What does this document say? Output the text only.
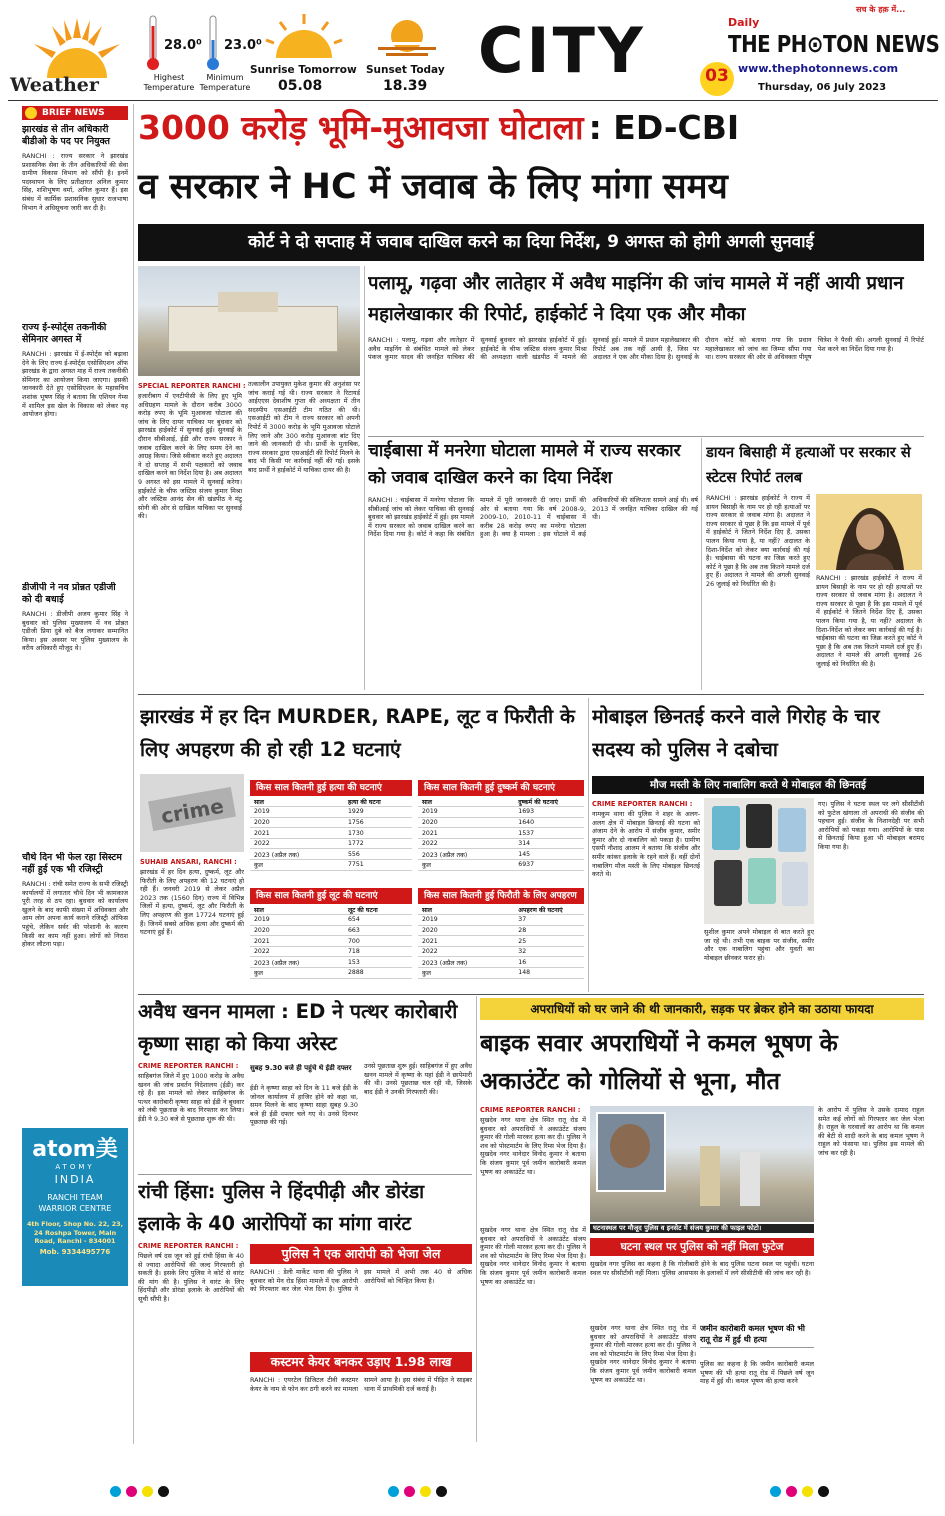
Weather
28.0⁰
Highest Temperature
23.0⁰
Minimum Temperature
Sunrise Tomorrow
05.08
Sunset Today
18.39 CITY	Daily
सच के हक़ में...
THE PH⊙TON NEWS
03 www.thephotonnews.com
Thursday, 06 July 2023
BRIEF NEWS
झारखंड से तीन अधिकारी बीडीओ के पद पर नियुक्त
RANCHI : राज्य सरकार ने झारखंड प्रशासनिक सेवा के तीन अधिकारियों की सेवा ग्रामीण विकास विभाग को सौंपी है। इनमें पदस्थापन के लिए प्रतीक्षारत अनिल कुमार सिंह, शशिभूषण वर्मा, अनिल कुमार हैं। इस संबंध में कार्मिक प्रशासनिक सुधार राजभाषा विभाग ने अधिसूचना जारी कर दी है।
राज्य ई-स्पोर्ट्स तकनीकी सेमिनार अगस्त में
RANCHI : झारखंड में ई-स्पोर्ट्स को बढ़ावा देने के लिए राज्य ई-स्पोर्ट्स एसोसिएशन ऑफ झारखंड के द्वारा अगस्त माह में राज्य तकनीकी सेमिनार का आयोजन किया जाएगा। इसकी जानकारी देते हुए एसोसिएशन के महासचिव शशांक भूषण सिंह ने बताया कि एशियन गेम्स में शामिल इस खेल के विकास को लेकर यह आयोजन होगा।
डीजीपी ने नव प्रोन्नत एडीजी को दी बधाई
RANCHI : डीजीपी अजय कुमार सिंह ने बुधवार को पुलिस मुख्यालय में नव प्रोन्नत एडीजी प्रिया दुबे को बैज लगाकर सम्मानित किया। इस अवसर पर पुलिस मुख्यालय के वरीय अधिकारी मौजूद थे।
चौथे दिन भी फेल रहा सिस्टम नहीं हुई एक भी रजिस्ट्री
RANCHI : रांची समेत राज्य के सभी रजिस्ट्री कार्यालयों में लगातार चौथे दिन भी कामकाज पूरी तरह से ठप रहा। बुधवार को कार्यालय खुलने के बाद काफी संख्या में अधिवक्ता और आम लोग अपना कार्य कराने रजिस्ट्री ऑफिस पहुंचे, लेकिन सर्वर की परेशानी के कारण किसी का काम नहीं हुआ। लोगों को निराश होकर लौटना पड़ा।
atom美
ATOMY
INDIA
RANCHI TEAM WARRIOR CENTRE
4th Floor, Shop No. 22, 23, 24 Roshpa Tower, Main Road, Ranchi - 834001
Mob. 9334495776
3000 करोड़ भूमि-मुआवजा घोटाला : ED-CBI
व सरकार ने HC में जवाब के लिए मांगा समय
कोर्ट ने दो सप्ताह में जवाब दाखिल करने का दिया निर्देश, 9 अगस्त को होगी अगली सुनवाई
SPECIAL REPORTER RANCHI :
हजारीबाग में एनटीपीसी के लिए हुए भूमि अधिग्रहण मामले के दौरान करीब 3000 करोड़ रुपए के भूमि मुआवजा घोटाला की जांच के लिए दायर याचिका पर बुधवार को झारखंड हाईकोर्ट में सुनवाई हुई। सुनवाई के दौरान सीबीआई, ईडी और राज्य सरकार ने जवाब दाखिल करने के लिए समय देने का आग्रह किया। जिसे स्वीकार करते हुए अदालत ने दो सप्ताह में सभी पक्षकारों को जवाब दाखिल करने का निर्देश दिया है। अब अदालत 9 अगस्त को इस मामले में सुनवाई करेगा। हाईकोर्ट के चीफ जस्टिस संजय कुमार मिश्रा और जस्टिस आनंद सेन की खंडपीठ ने मंटू सोनी की ओर से दाखिल याचिका पर सुनवाई की।
तत्कालीन उपायुक्त मुकेश कुमार की अनुशंसा पर जांच कराई गई थी। राज्य सरकार ने रिटायर्ड आईएएस देवाशीष गुप्ता की अध्यक्षता में तीन सदस्यीय एसआईटी टीम गठित की थी। एसआईटी को टीम ने राज्य सरकार को अपनी रिपोर्ट में 3000 करोड़ के भूमि मुआवजा घोटाले लिए जाने और 300 करोड़ मुआवजा बांट दिए जाने की जानकारी दी थी। प्रार्थी के मुताबिक, राज्य सरकार द्वारा एसआईटी की रिपोर्ट मिलने के बाद भी किसी पर कार्रवाई नहीं की गई। इसके बाद प्रार्थी ने हाईकोर्ट में याचिका दायर की है।
पलामू, गढ़वा और लातेहार में अवैध माइनिंग की जांच मामले में नहीं आयी प्रधान महालेखाकार की रिपोर्ट, हाईकोर्ट ने दिया एक और मौका
RANCHI : पलामू, गढ़वा और लातेहार में अवैध माइनिंग से संबंधित मामले को लेकर पंकज कुमार यादव की जनहित याचिका की सुनवाई बुधवार को झारखंड हाईकोर्ट में हुई। हाईकोर्ट के चीफ जस्टिस संजय कुमार मिश्रा की अध्यक्षता वाली खंडपीठ में मामले की सुनवाई हुई। मामले में प्रधान महालेखाकार की रिपोर्ट अब तक नहीं आयी है, जिस पर अदालत ने एक और मौका दिया है। सुनवाई के दौरान कोर्ट को बताया गया कि प्रधान महालेखाकार को जांच का जिम्मा सौंपा गया था। राज्य सरकार की ओर से अधिवक्ता पीयूष चित्रेश ने पैरवी की। अगली सुनवाई में रिपोर्ट पेश करने का निर्देश दिया गया है।
चाईबासा में मनरेगा घोटाला मामले में राज्य सरकार को जवाब दाखिल करने का दिया निर्देश
RANCHI : चाईबासा में मनरेगा घोटाला कि सीबीआई जांच को लेकर याचिका की सुनवाई बुधवार को झारखंड हाईकोर्ट में हुई। इस मामले में राज्य सरकार को जवाब दाखिल करने का निर्देश दिया गया है। कोर्ट ने कहा कि संबंधित मामले में पूरी जानकारी दी जाए। प्रार्थी की ओर से बताया गया कि वर्ष 2008-9, 2009-10, 2010-11 में चाईबासा में करीब 28 करोड़ रुपए का मनरेगा घोटाला हुआ है। क्या है मामला : इस घोटाले में कई अधिकारियों की संलिप्तता सामने आई थी। वर्ष 2013 में जनहित याचिका दाखिल की गई थी।
डायन बिसाही में हत्याओं पर सरकार से स्टेटस रिपोर्ट तलब
RANCHI : झारखंड हाईकोर्ट ने राज्य में डायन बिसाही के नाम पर हो रही हत्याओं पर राज्य सरकार से जवाब मांगा है। अदालत ने राज्य सरकार से पूछा है कि इस मामले में पूर्व में हाईकोर्ट ने जितने निर्देश दिए हैं, उसका पालन किया गया है, या नहीं? अदालत के दिशा-निर्देश को लेकर क्या कार्रवाई की गई है। चाईबासा की घटना का जिक्र करते हुए कोर्ट ने पूछा है कि अब तक कितने मामले दर्ज हुए हैं। अदालत ने मामले की अगली सुनवाई 26 जुलाई को निर्धारित की है।
RANCHI : झारखंड हाईकोर्ट ने राज्य में डायन बिसाही के नाम पर हो रही हत्याओं पर राज्य सरकार से जवाब मांगा है। अदालत ने राज्य सरकार से पूछा है कि इस मामले में पूर्व में हाईकोर्ट ने जितने निर्देश दिए हैं, उसका पालन किया गया है, या नहीं? अदालत के दिशा-निर्देश को लेकर क्या कार्रवाई की गई है। चाईबासा की घटना का जिक्र करते हुए कोर्ट ने पूछा है कि अब तक कितने मामले दर्ज हुए हैं। अदालत ने मामले की अगली सुनवाई 26 जुलाई को निर्धारित की है।
झारखंड में हर दिन MURDER, RAPE, लूट व फिरौती के लिए अपहरण की हो रही 12 घटनाएं
crime
SUHAIB ANSARI, RANCHI :
झारखंड में हर दिन हत्या, दुष्कर्म, लूट और फिरौती के लिए अपहरण की 12 घटनाएं हो रही हैं। जनवरी 2019 से लेकर अप्रैल 2023 तक (1560 दिन) राज्य में विभिन्न जिलों में हत्या, दुष्कर्म, लूट और फिरौती के लिए अपहरण की कुल 17724 घटनाएं हुई हैं। जिनमें सबसे अधिक हत्या और दुष्कर्म की घटनाएं हुई हैं।
किस साल कितनी हुई हत्या की घटनाएं
साल	हत्या की घटना
2019	1929
2020	1756
2021	1730
2022	1772
2023 (अप्रैल तक)	556
कुल	7751
किस साल कितनी हुई दुष्कर्म की घटनाएं
साल	दुष्कर्म की घटनाएं
2019	1693
2020	1640
2021	1537
2022	314
2023 (अप्रैल तक)	145
कुल	6937
किस साल कितनी हुई लूट की घटनाएं
साल	लूट की घटना
2019	654
2020	663
2021	700
2022	718
2023 (अप्रैल तक)	153
कुल	2888
किस साल कितनी हुई फिरौती के लिए अपहरण
साल	अपहरण की घटनाएं
2019	37
2020	28
2021	25
2022	32
2023 (अप्रैल तक)	16
कुल	148
मोबाइल छिनतई करने वाले गिरोह के चार सदस्य को पुलिस ने दबोचा
मौज मस्ती के लिए नाबालिग करते थे मोबाइल की छिनतई
CRIME REPORTER RANCHI :
नामकुम थाना की पुलिस ने शहर के अलग-अलग क्षेत्र में मोबाइल छिनतई की घटना को अंजाम देने के आरोप में संजीव कुमार, समीर कुमार और दो नाबालिग को पकड़ा है। ग्रामीण एसपी नौशाद आलम ने बताया कि संजीव और समीर कांकर इलाके के रहने वाले हैं। वहीं दोनों नाबालिग मौज मस्ती के लिए मोबाइल छिनतई करते थे।
सुशील कुमार अपने मोबाइल से बात करते हुए जा रहे थी। तभी एक बाइक पर संजीव, समीर और एक नाबालिग पहुंचा और युवती का मोबाइल छीनकर फरार हो।
गए। पुलिस ने घटना स्थल पर लगे सीसीटीवी को फुटेज खंगाला तो अपराधी की संजीव की पहचान हुई। संजीव के निशानदेही पर सभी आरोपियों को पकड़ा गया। आरोपियों के पास से छिनताई किया हुआ भी मोबाइल बरामद किया गया है।
अवैध खनन मामला : ED ने पत्थर कारोबारी कृष्णा साहा को किया अरेस्ट
CRIME REPORTER RANCHI :
साहिबगंज जिले में हुए 1000 करोड़ के अवैध खनन की जांच प्रवर्तन निदेशालय (ईडी) कर रहे हैं। इस मामले को लेकर साहिबगंज के पत्थर कारोबारी कृष्णा साहा को ईडी ने बुधवार को लंबी पूछताछ के बाद गिरफ्तार कर लिया। ईडी ने 9.30 बजे से पूछताछ शुरू की थी।
सुबह 9.30 बजे ही पहुंचे थे ईडी दफ्तर
ईडी ने कृष्णा साहा को दिन के 11 बजे ईडी के जोनल कार्यालय में हाजिर होने को कहा था, समन मिलने के बाद कृष्णा साहा सुबह 9.30 बजे ही ईडी दफ्तर चले गए थे। उनसे दिनभर पूछताछ की गई।
उनसे पूछताछ शुरू हुई। साहिबगंज में हुए अवैध खनन मामले में कृष्णा के यहां ईडी ने छापेमारी की थी। उनसे पूछताछ चल रही थी, जिसके बाद ईडी ने उनकी गिरफ्तारी की।
रांची हिंसा: पुलिस ने हिंदपीढ़ी और डोरंडा इलाके के 40 आरोपियों का मांगा वारंट
CRIME REPORTER RANCHI :
पिछले वर्ष दस जून को हुई रांची हिंसा के 40 से ज्यादा आरोपियों की जल्द गिरफ्तारी हो सकती है। इसके लिए पुलिस ने कोर्ट से वारंट की मांग की है। पुलिस ने वारंट के लिए हिंदपीढ़ी और डोरंडा इलाके के आरोपियों की सूची सौंपी है।
पुलिस ने एक आरोपी को भेजा जेल
RANCHI : डेली मार्केट थाना की पुलिस ने बुधवार को मेन रोड हिंसा मामले में एक आरोपी को गिरफ्तार कर जेल भेज दिया है। पुलिस ने इस मामले में अभी तक 40 से अधिक आरोपियों को चिन्हित किया है।
कस्टमर केयर बनकर उड़ाए 1.98 लाख
RANCHI : एयरटेल डिजिटल टीवी कस्टमर केयर के नाम से फोन कर ठगी करने का मामला सामने आया है। इस संबंध में पीड़ित ने साइबर थाना में प्राथमिकी दर्ज कराई है।
अपराधियों को घर जाने की थी जानकारी, सड़क पर ब्रेकर होने का उठाया फायदा
बाइक सवार अपराधियों ने कमल भूषण के अकाउंटेंट को गोलियों से भूना, मौत
CRIME REPORTER RANCHI :
सुखदेव नगर थाना क्षेत्र स्थित रातू रोड में बुधवार को अपराधियों ने अकाउंटेंट संजय कुमार की गोली मारकर हत्या कर दी। पुलिस ने शव को पोस्टमार्टम के लिए रिम्स भेज दिया है। सुखदेव नगर थानेदार विनोद कुमार ने बताया कि संजय कुमार पूर्व जमीन कारोबारी कमल भूषण का अकाउंटेंट था।
घटनास्थल पर मौजूद पुलिस व इनसेट में संजय कुमार की फाइल फोटो।
घटना स्थल पर पुलिस को नहीं मिला फुटेज
सुखदेव नगर पुलिस का कहना है कि गोलीबारी होने के बाद पुलिस घटना स्थल पर पहुंची। घटना स्थल पर सीसीटीवी नहीं मिला। पुलिस आसपास के इलाकों में लगे सीसीटीवी की जांच कर रही है।
सुखदेव नगर थाना क्षेत्र स्थित रातू रोड में बुधवार को अपराधियों ने अकाउंटेंट संजय कुमार की गोली मारकर हत्या कर दी। पुलिस ने शव को पोस्टमार्टम के लिए रिम्स भेज दिया है। सुखदेव नगर थानेदार विनोद कुमार ने बताया कि संजय कुमार पूर्व जमीन कारोबारी कमल भूषण का अकाउंटेंट था।
सुखदेव नगर थाना क्षेत्र स्थित रातू रोड में बुधवार को अपराधियों ने अकाउंटेंट संजय कुमार की गोली मारकर हत्या कर दी। पुलिस ने शव को पोस्टमार्टम के लिए रिम्स भेज दिया है। सुखदेव नगर थानेदार विनोद कुमार ने बताया कि संजय कुमार पूर्व जमीन कारोबारी कमल भूषण का अकाउंटेंट था।
जमीन कारोबारी कमल भूषण की भी रातू रोड में हुई थी हत्या
पुलिस का कहना है कि जमीन कारोबारी कमल भूषण की भी हत्या रातू रोड में पिछले वर्ष जून माह में हुई थी। कमल भूषण की हत्या करने
के आरोप में पुलिस ने उसके दामाद राहुल समेत कई लोगों को गिरफ्तार कर जेल भेजा है। राहुल के घरवालों का आरोप था कि कमल की बेटी से शादी करने के बाद कमल भूषण ने राहुल को फंसाया था। पुलिस इस मामले की जांच कर रही है।
